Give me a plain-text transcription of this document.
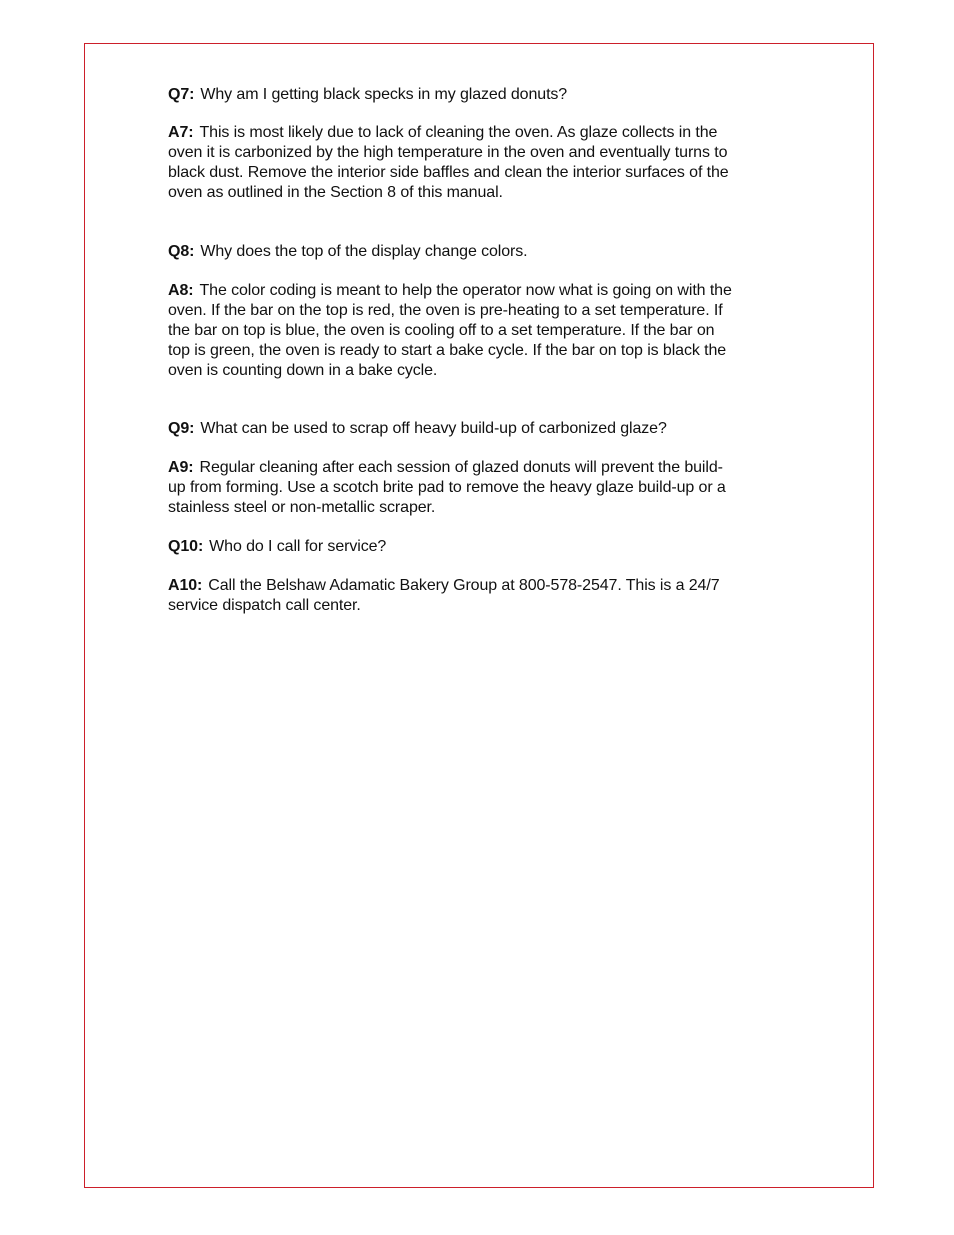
Q7: Why am I getting black specks in my glazed donuts?

A7: This is most likely due to lack of cleaning the oven. As glaze collects in the

oven it is carbonized by the high temperature in the oven and eventually turns to

black dust. Remove the interior side baffles and clean the interior surfaces of the

oven as outlined in the Section 8 of this manual.

Q8: Why does the top of the display change colors.

A8: The color coding is meant to help the operator now what is going on with the

oven. If the bar on the top is red, the oven is pre-heating to a set temperature. If

the bar on top is blue, the oven is cooling off to a set temperature. If the bar on

top is green, the oven is ready to start a bake cycle. If the bar on top is black the

oven is counting down in a bake cycle.

Q9: What can be used to scrap off heavy build-up of carbonized glaze?

A9: Regular cleaning after each session of glazed donuts will prevent the build-

up from forming. Use a scotch brite pad to remove the heavy glaze build-up or a

stainless steel or non-metallic scraper.

Q10: Who do I call for service?

A10: Call the Belshaw Adamatic Bakery Group at 800-578-2547. This is a 24/7

service dispatch call center.
